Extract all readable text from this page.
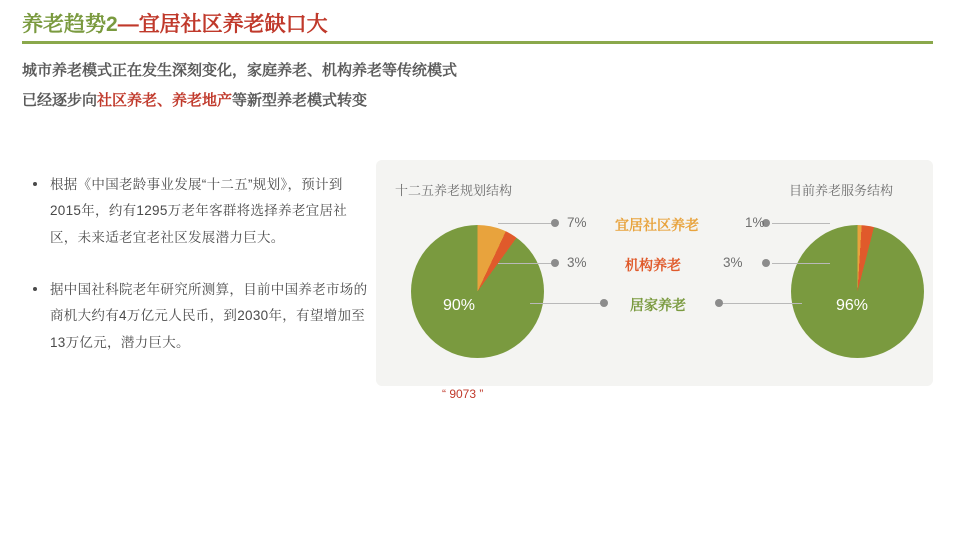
养老趋势2—宜居社区养老缺口大
城市养老模式正在发生深刻变化，家庭养老、机构养老等传统模式
已经逐步向社区养老、养老地产等新型养老模式转变
根据《中国老龄事业发展“十二五”规划》，预计到2015年，约有1295万老年客群将选择养老宜居社区，未来适老宜老社区发展潜力巨大。
据中国社科院老年研究所测算，目前中国养老市场的商机大约有4万亿元人民币，到2030年，有望增加至13万亿元，潜力巨大。
十二五养老规划结构	目前养老服务结构
90%	96%
7%
3%
1%
3%
宜居社区养老
机构养老
居家养老
“ 9073 ”
